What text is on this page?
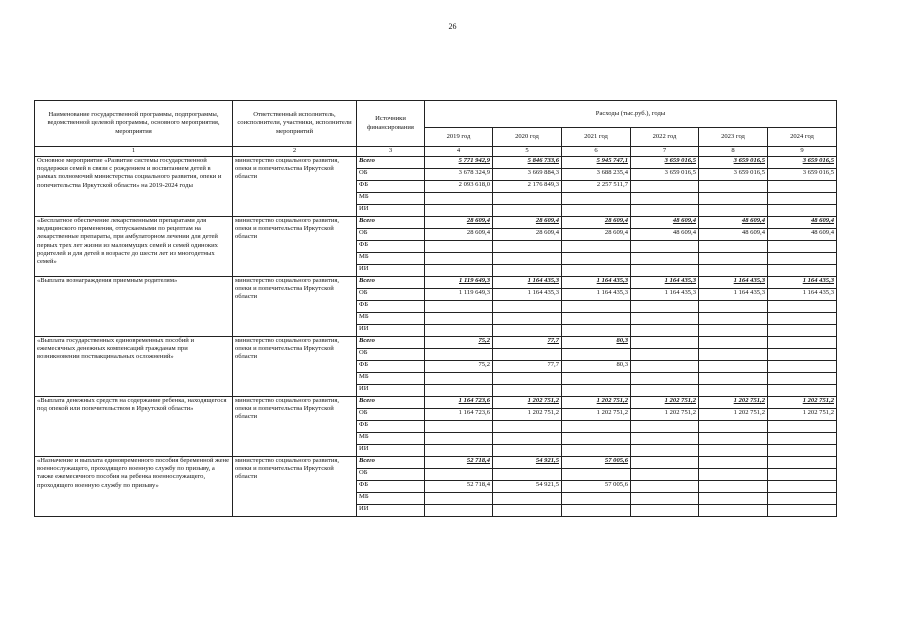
26
Наименование государственной программы, подпрограммы, ведомственной целевой программы, основного мероприятия, мероприятия	Ответственный исполнитель, соисполнители, участники, исполнители мероприятий	Источники финансирования	Расходы (тыс.руб.), годы					
			2019 год	2020 год	2021 год	2022 год	2023 год	2024 год
1	2	3	4	5	6	7	8	9
Основное мероприятие «Развитие системы государственной поддержки семей в связи с рождением и воспитанием детей в рамках полномочий министерства социального развития, опеки и попечительства Иркутской области» на 2019-2024 годы	министерство социального развития, опеки и попечительства Иркутской области	Всего	5 771 942,9	5 846 733,6	5 945 747,1	3 659 016,5	3 659 016,5	3 659 016,5
		ОБ	3 678 324,9	3 669 884,3	3 688 235,4	3 659 016,5	3 659 016,5	3 659 016,5
		ФБ	2 093 618,0	2 176 849,3	2 257 511,7			
		МБ						
		ИИ						
«Бесплатное обеспечение лекарственными препаратами для медицинского применения, отпускаемыми по рецептам на лекарственные препараты, при амбулаторном лечении для детей первых трех лет жизни из малоимущих семей и семей одиноких родителей и для детей в возрасте до шести лет из многодетных семей»	министерство социального развития, опеки и попечительства Иркутской области	Всего	28 609,4	28 609,4	28 609,4	48 609,4	48 609,4	48 609,4
		ОБ	28 609,4	28 609,4	28 609,4	48 609,4	48 609,4	48 609,4
		ФБ						
		МБ						
		ИИ						
«Выплата вознаграждения приемным родителям»	министерство социального развития, опеки и попечительства Иркутской области	Всего	1 119 649,3	1 164 435,3	1 164 435,3	1 164 435,3	1 164 435,3	1 164 435,3
		ОБ	1 119 649,3	1 164 435,3	1 164 435,3	1 164 435,3	1 164 435,3	1 164 435,3
		ФБ						
		МБ						
		ИИ						
«Выплата государственных единовременных пособий и ежемесячных денежных компенсаций гражданам при возникновении поствакцинальных осложнений»	министерство социального развития, опеки и попечительства Иркутской области	Всего	75,2	77,7	80,3			
		ОБ						
		ФБ	75,2	77,7	80,3			
		МБ						
		ИИ						
«Выплата денежных средств на содержание ребенка, находящегося под опекой или попечительством в Иркутской области»	министерство социального развития, опеки и попечительства Иркутской области	Всего	1 164 723,6	1 202 751,2	1 202 751,2	1 202 751,2	1 202 751,2	1 202 751,2
		ОБ	1 164 723,6	1 202 751,2	1 202 751,2	1 202 751,2	1 202 751,2	1 202 751,2
		ФБ						
		МБ						
		ИИ						
«Назначение и выплата единовременного пособия беременной жене военнослужащего, проходящего военную службу по призыву, а также ежемесячного пособия на ребенка военнослужащего, проходящего военную службу по призыву»	министерство социального развития, опеки и попечительства Иркутской области	Всего	52 718,4	54 921,5	57 005,6			
		ОБ						
		ФБ	52 718,4	54 921,5	57 005,6			
		МБ						
		ИИ						
